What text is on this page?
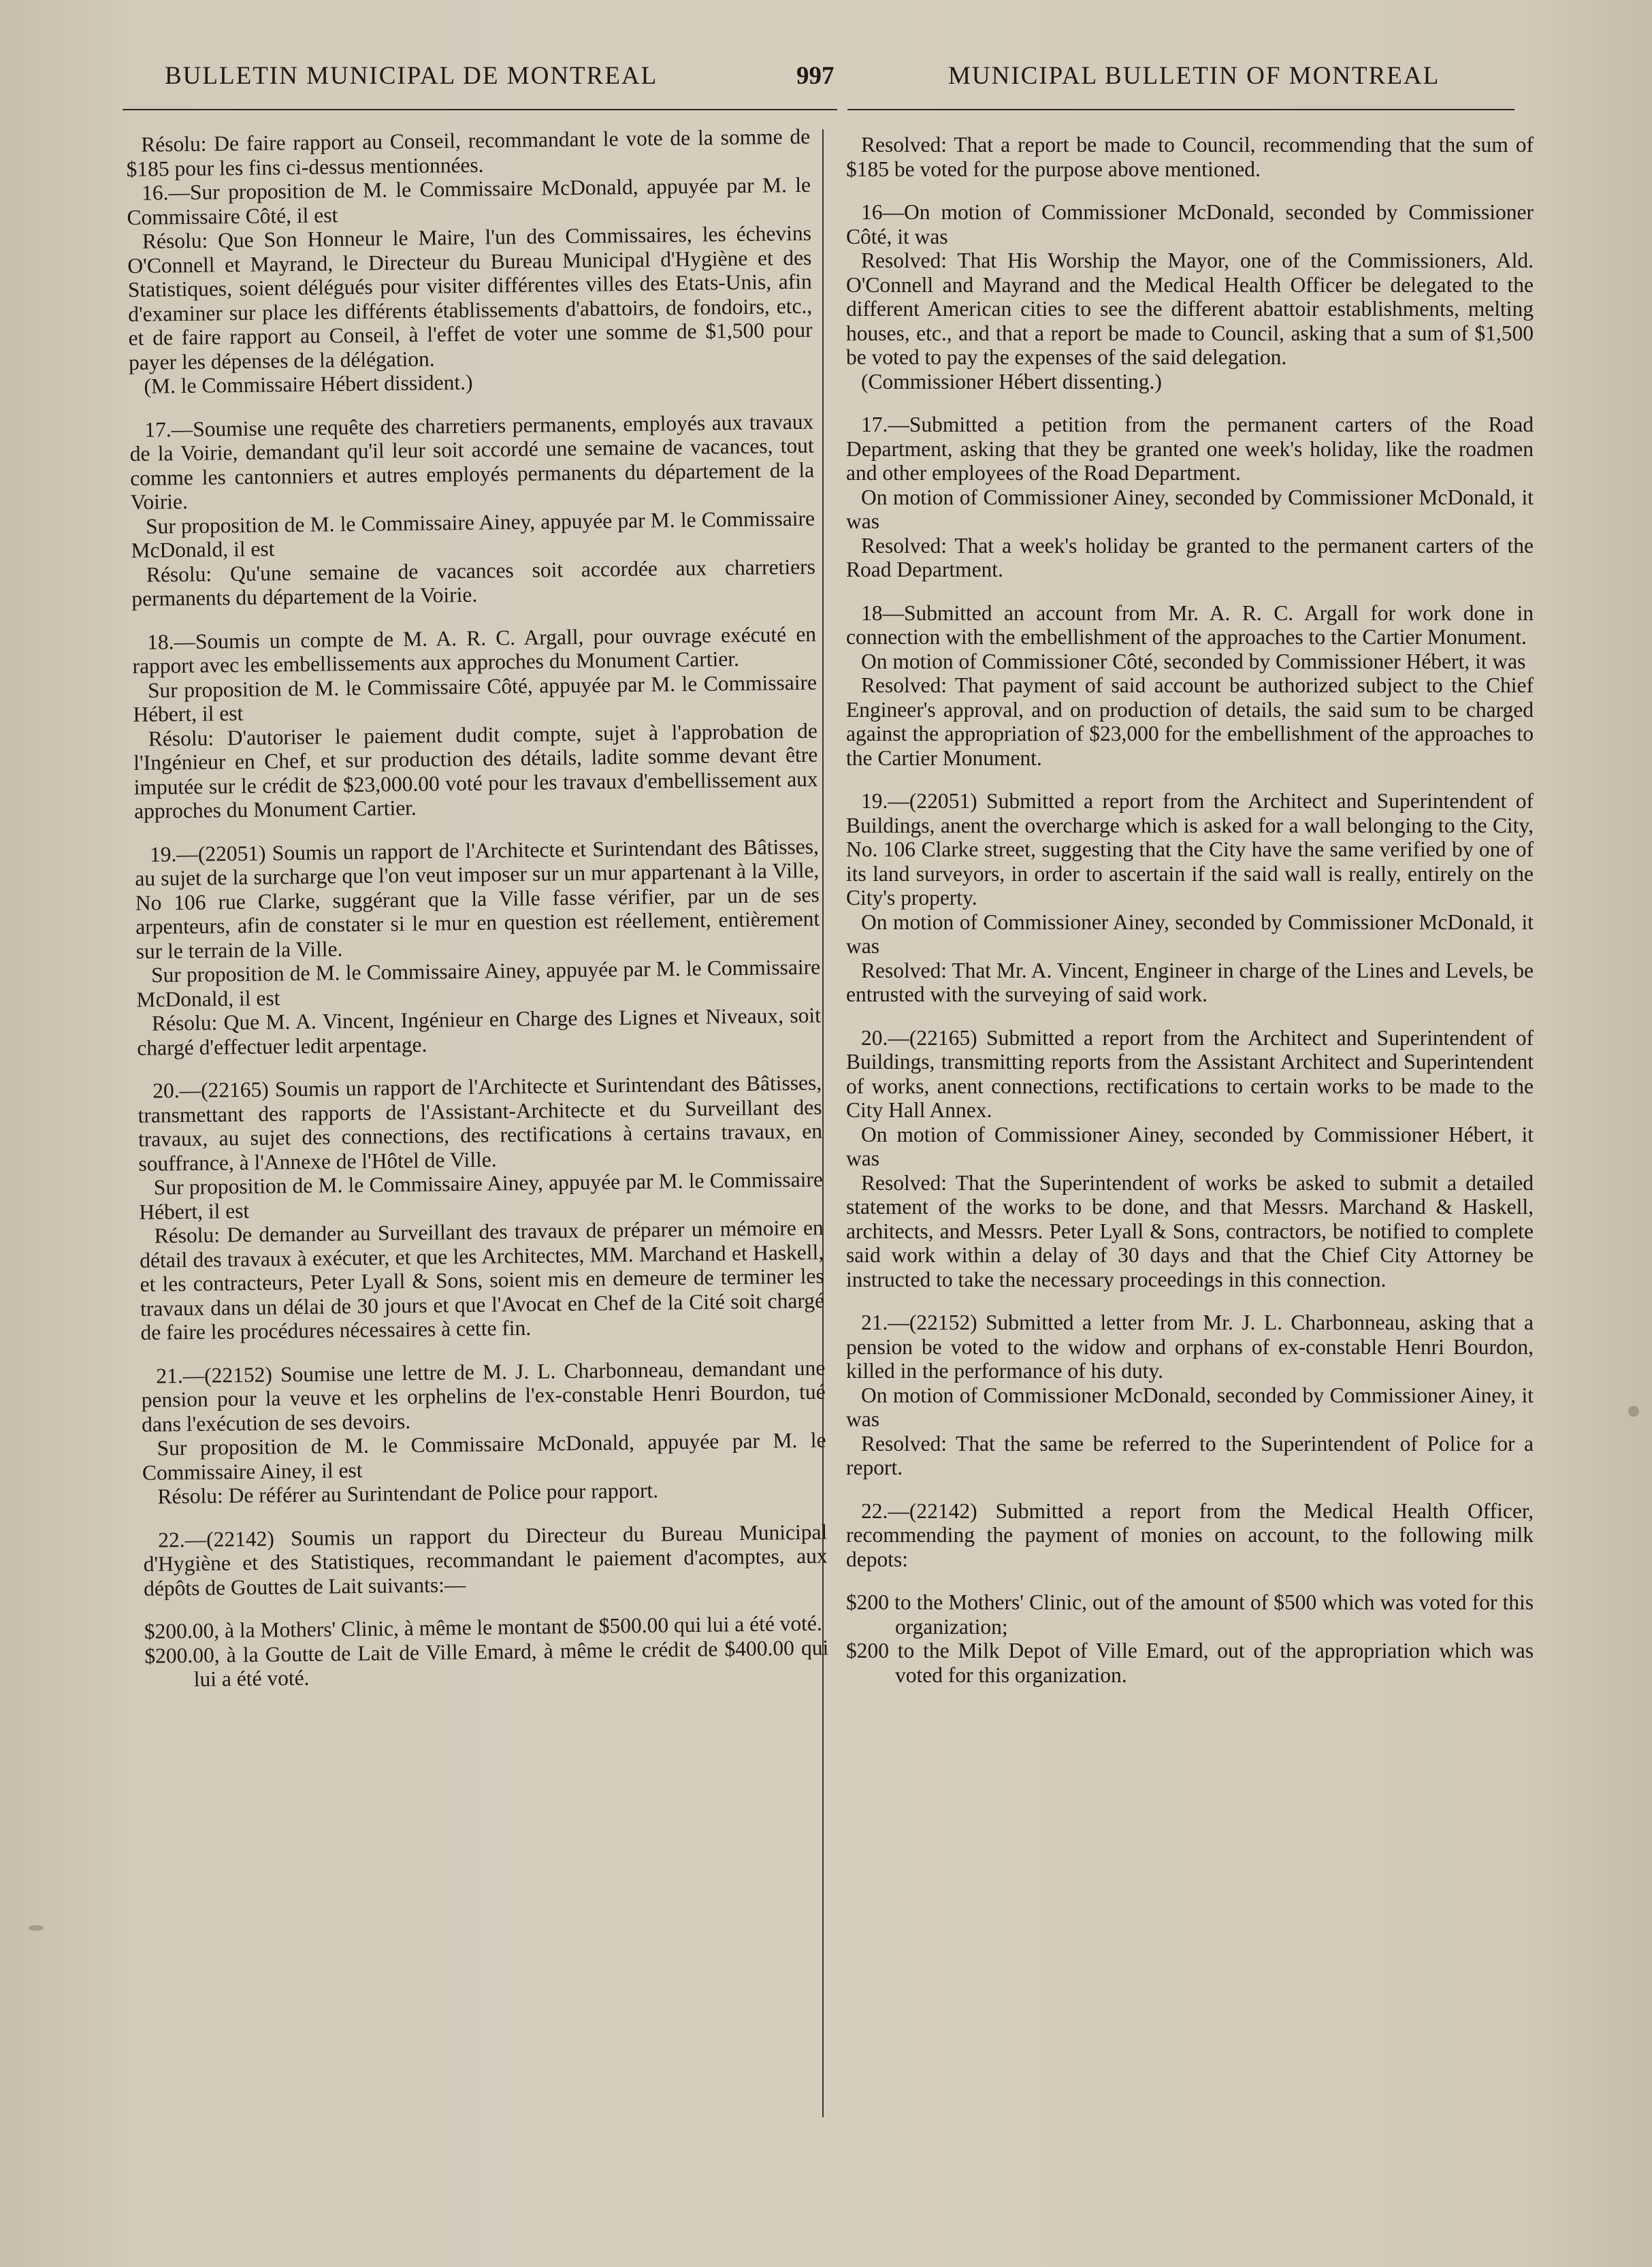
BULLETIN MUNICIPAL DE MONTREAL	997	MUNICIPAL BULLETIN OF MONTREAL

Résolu: De faire rapport au Conseil, recommandant le vote de la somme de $185 pour les fins ci-dessus mentionnées.

16.—Sur proposition de M. le Commissaire McDonald, appuyée par M. le Commissaire Côté, il est

Résolu: Que Son Honneur le Maire, l'un des Commissaires, les échevins O'Connell et Mayrand, le Directeur du Bureau Municipal d'Hygiène et des Statistiques, soient délégués pour visiter différentes villes des Etats-Unis, afin d'examiner sur place les différents établissements d'abattoirs, de fondoirs, etc., et de faire rapport au Conseil, à l'effet de voter une somme de $1,500 pour payer les dépenses de la délégation.

(M. le Commissaire Hébert dissident.)

17.—Soumise une requête des charretiers permanents, employés aux travaux de la Voirie, demandant qu'il leur soit accordé une semaine de vacances, tout comme les cantonniers et autres employés permanents du département de la Voirie.

Sur proposition de M. le Commissaire Ainey, appuyée par M. le Commissaire McDonald, il est

Résolu: Qu'une semaine de vacances soit accordée aux charretiers permanents du département de la Voirie.

18.—Soumis un compte de M. A. R. C. Argall, pour ouvrage exécuté en rapport avec les embellissements aux approches du Monument Cartier.

Sur proposition de M. le Commissaire Côté, appuyée par M. le Commissaire Hébert, il est

Résolu: D'autoriser le paiement dudit compte, sujet à l'approbation de l'Ingénieur en Chef, et sur production des détails, ladite somme devant être imputée sur le crédit de $23,000.00 voté pour les travaux d'embellissement aux approches du Monument Cartier.

19.—(22051) Soumis un rapport de l'Architecte et Surintendant des Bâtisses, au sujet de la surcharge que l'on veut imposer sur un mur appartenant à la Ville, No 106 rue Clarke, suggérant que la Ville fasse vérifier, par un de ses arpenteurs, afin de constater si le mur en question est réellement, entièrement sur le terrain de la Ville.

Sur proposition de M. le Commissaire Ainey, appuyée par M. le Commissaire McDonald, il est

Résolu: Que M. A. Vincent, Ingénieur en Charge des Lignes et Niveaux, soit chargé d'effectuer ledit arpentage.

20.—(22165) Soumis un rapport de l'Architecte et Surintendant des Bâtisses, transmettant des rapports de l'Assistant-Architecte et du Surveillant des travaux, au sujet des connections, des rectifications à certains travaux, en souffrance, à l'Annexe de l'Hôtel de Ville.

Sur proposition de M. le Commissaire Ainey, appuyée par M. le Commissaire Hébert, il est

Résolu: De demander au Surveillant des travaux de préparer un mémoire en détail des travaux à exécuter, et que les Architectes, MM. Marchand et Haskell, et les contracteurs, Peter Lyall & Sons, soient mis en demeure de terminer les travaux dans un délai de 30 jours et que l'Avocat en Chef de la Cité soit chargé de faire les procédures nécessaires à cette fin.

21.—(22152) Soumise une lettre de M. J. L. Charbonneau, demandant une pension pour la veuve et les orphelins de l'ex-constable Henri Bourdon, tué dans l'exécution de ses devoirs.

Sur proposition de M. le Commissaire McDonald, appuyée par M. le Commissaire Ainey, il est

Résolu: De référer au Surintendant de Police pour rapport.

22.—(22142) Soumis un rapport du Directeur du Bureau Municipal d'Hygiène et des Statistiques, recommandant le paiement d'acomptes, aux dépôts de Gouttes de Lait suivants:—

$200.00, à la Mothers' Clinic, à même le montant de $500.00 qui lui a été voté.

$200.00, à la Goutte de Lait de Ville Emard, à même le crédit de $400.00 qui lui a été voté.

Resolved: That a report be made to Council, recommending that the sum of $185 be voted for the purpose above mentioned.

16—On motion of Commissioner McDonald, seconded by Commissioner Côté, it was

Resolved: That His Worship the Mayor, one of the Commissioners, Ald. O'Connell and Mayrand and the Medical Health Officer be delegated to the different American cities to see the different abattoir establishments, melting houses, etc., and that a report be made to Council, asking that a sum of $1,500 be voted to pay the expenses of the said delegation.

(Commissioner Hébert dissenting.)

17.—Submitted a petition from the permanent carters of the Road Department, asking that they be granted one week's holiday, like the roadmen and other employees of the Road Department.

On motion of Commissioner Ainey, seconded by Commissioner McDonald, it was

Resolved: That a week's holiday be granted to the permanent carters of the Road Department.

18—Submitted an account from Mr. A. R. C. Argall for work done in connection with the embellishment of the approaches to the Cartier Monument.

On motion of Commissioner Côté, seconded by Commissioner Hébert, it was

Resolved: That payment of said account be authorized subject to the Chief Engineer's approval, and on production of details, the said sum to be charged against the appropriation of $23,000 for the embellishment of the approaches to the Cartier Monument.

19.—(22051) Submitted a report from the Architect and Superintendent of Buildings, anent the overcharge which is asked for a wall belonging to the City, No. 106 Clarke street, suggesting that the City have the same verified by one of its land surveyors, in order to ascertain if the said wall is really, entirely on the City's property.

On motion of Commissioner Ainey, seconded by Commissioner McDonald, it was

Resolved: That Mr. A. Vincent, Engineer in charge of the Lines and Levels, be entrusted with the surveying of said work.

20.—(22165) Submitted a report from the Architect and Superintendent of Buildings, transmitting reports from the Assistant Architect and Superintendent of works, anent connections, rectifications to certain works to be made to the City Hall Annex.

On motion of Commissioner Ainey, seconded by Commissioner Hébert, it was

Resolved: That the Superintendent of works be asked to submit a detailed statement of the works to be done, and that Messrs. Marchand & Haskell, architects, and Messrs. Peter Lyall & Sons, contractors, be notified to complete said work within a delay of 30 days and that the Chief City Attorney be instructed to take the necessary proceedings in this connection.

21.—(22152) Submitted a letter from Mr. J. L. Charbonneau, asking that a pension be voted to the widow and orphans of ex-constable Henri Bourdon, killed in the performance of his duty.

On motion of Commissioner McDonald, seconded by Commissioner Ainey, it was

Resolved: That the same be referred to the Superintendent of Police for a report.

22.—(22142) Submitted a report from the Medical Health Officer, recommending the payment of monies on account, to the following milk depots:

$200 to the Mothers' Clinic, out of the amount of $500 which was voted for this organization;

$200 to the Milk Depot of Ville Emard, out of the appropriation which was voted for this organization.
